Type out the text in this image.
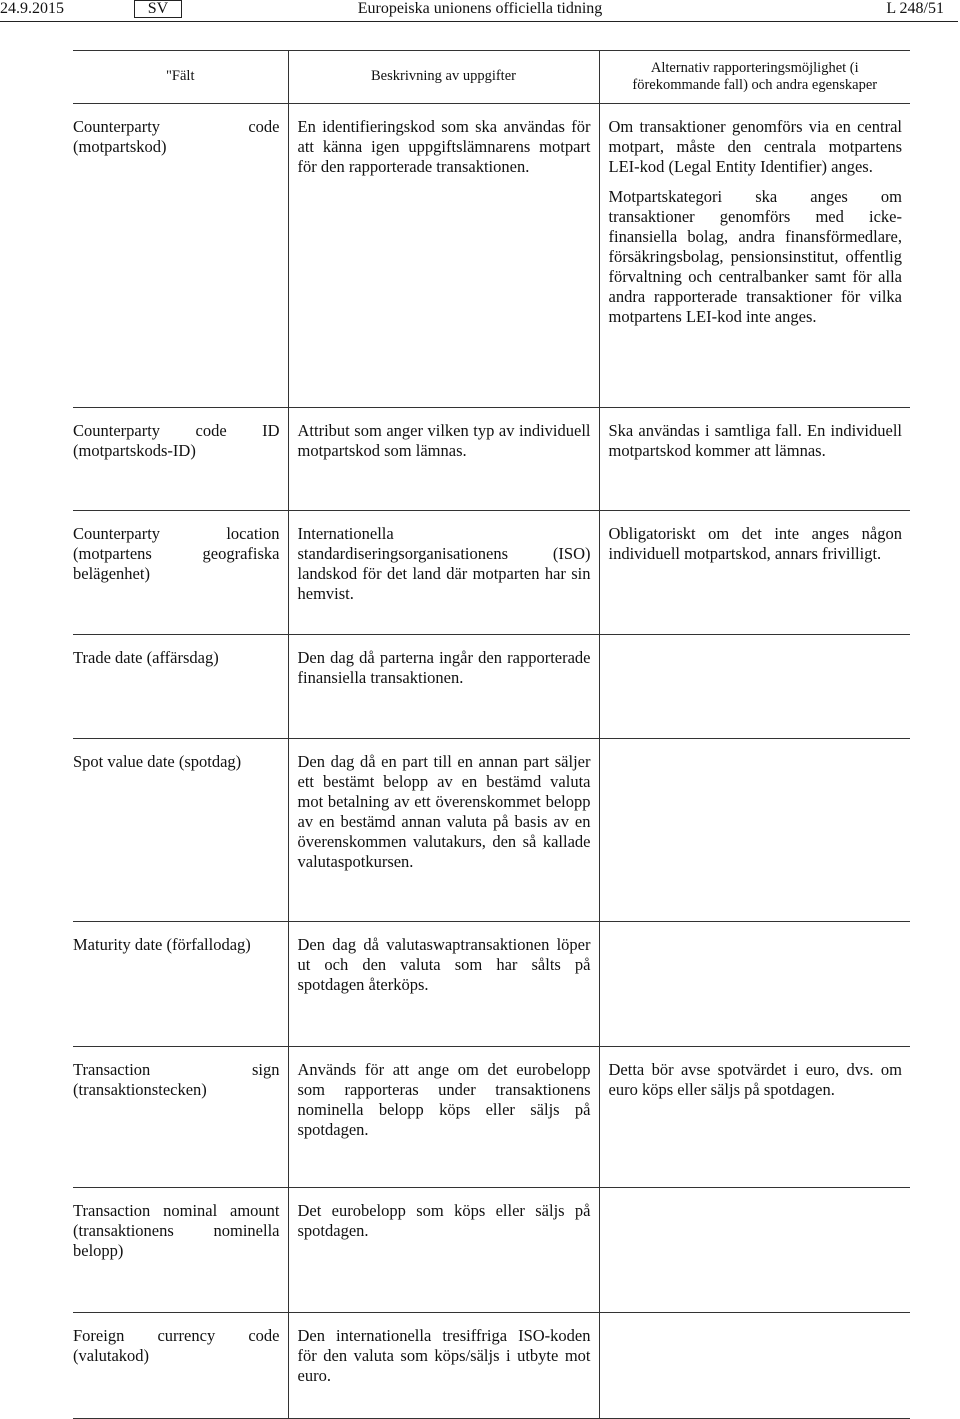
Europeiska unionens officiella tidning
24.9.2015	SV	L 248/51
"Fält	Beskrivning av uppgifter	Alternativ rapporteringsmöjlighet (i förekommande fall) och andra egenskaper

Counterparty code (motpartskod)	En identifieringskod som ska användas för att känna igen uppgiftslämnarens motpart för den rapporterade transaktionen.	Om transaktioner genomförs via en central motpart, måste den centrala motpartens LEI-kod (Legal Entity Identifier) anges.

Motpartskategori ska anges om transaktioner genomförs med icke-finansiella bolag, andra finansförmedlare, försäkringsbolag, pensionsinstitut, offentlig förvaltning och centralbanker samt för alla andra rapporterade transaktioner för vilka motpartens LEI-kod inte anges.

Counterparty code ID (motpartskods-ID)	Attribut som anger vilken typ av individuell motpartskod som lämnas.	Ska användas i samtliga fall. En individuell motpartskod kommer att lämnas.

Counterparty location (motpartens geografiska belägenhet)	Internationella standardiseringsorganisationens (ISO) landskod för det land där motparten har sin hemvist.	Obligatoriskt om det inte anges någon individuell motpartskod, annars frivilligt.

Trade date (affärsdag)	Den dag då parterna ingår den rapporterade finansiella transaktionen.	

Spot value date (spotdag)	Den dag då en part till en annan part säljer ett bestämt belopp av en bestämd valuta mot betalning av ett överenskommet belopp av en bestämd annan valuta på basis av en överenskommen valutakurs, den så kallade valutaspotkursen.	

Maturity date (förfallodag)	Den dag då valutaswaptransaktionen löper ut och den valuta som har sålts på spotdagen återköps.	

Transaction sign (transaktionstecken)	Används för att ange om det eurobelopp som rapporteras under transaktionens nominella belopp köps eller säljs på spotdagen.	Detta bör avse spotvärdet i euro, dvs. om euro köps eller säljs på spotdagen.

Transaction nominal amount (transaktionens nominella belopp)	Det eurobelopp som köps eller säljs på spotdagen.	

Foreign currency code (valutakod)	Den internationella tresiffriga ISO-koden för den valuta som köps/säljs i utbyte mot euro.	
